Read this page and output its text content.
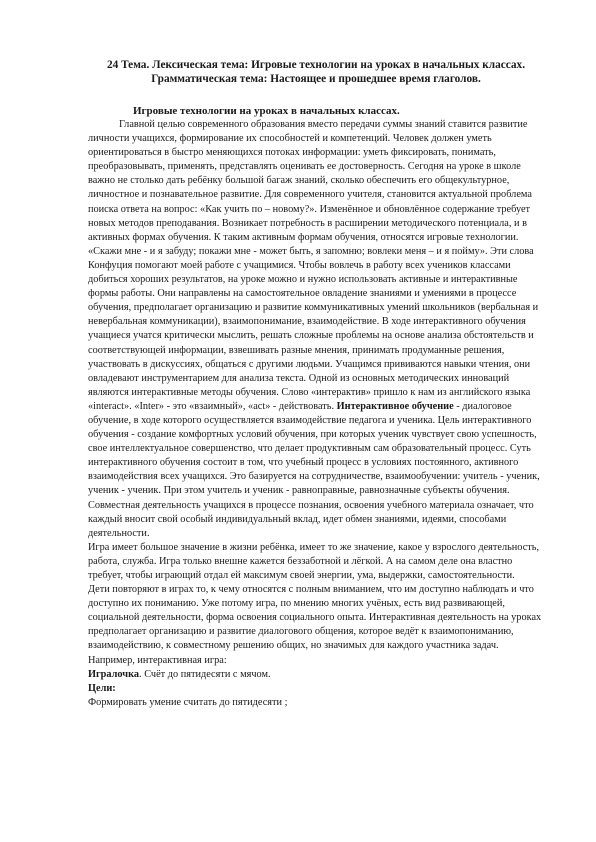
24 Тема. Лексическая тема: Игровые технологии на уроках в начальных классах.
Грамматическая тема: Настоящее и прошедшее время глаголов.
Игровые технологии на уроках в начальных классах.

Главной целью современного образования вместо передачи суммы знаний ставится развитие личности учащихся, формирование их способностей и компетенций. Человек должен уметь ориентироваться в быстро меняющихся потоках информации: уметь фиксировать, понимать, преобразовывать, применять, представлять оценивать ее достоверность. Сегодня на уроке в школе важно не столько дать ребёнку большой багаж знаний, сколько обеспечить его общекультурное, личностное и познавательное развитие. Для современного учителя, становится актуальной проблема поиска ответа на вопрос: «Как учить по – новому?». Изменённое и обновлённое содержание требует новых методов преподавания. Возникает потребность в расширении методического потенциала, и в активных формах обучения. К таким активным формам обучения, относятся игровые технологии.

«Скажи мне - и я забуду; покажи мне - может быть, я запомню; вовлеки меня – и я пойму». Эти слова Конфуция помогают моей работе с учащимися. Чтобы вовлечь в работу всех учеников классами добиться хороших результатов, на уроке можно и нужно использовать активные и интерактивные формы работы. Они направлены на самостоятельное овладение знаниями и умениями в процессе обучения, предполагает организацию и развитие коммуникативных умений школьников (вербальная и невербальная коммуникации), взаимопонимание, взаимодействие. В ходе интерактивного обучения учащиеся учатся критически мыслить, решать сложные проблемы на основе анализа обстоятельств и соответствующей информации, взвешивать разные мнения, принимать продуманные решения, участвовать в дискуссиях, общаться с другими людьми. Учащимся прививаются навыки чтения, они овладевают инструментарием для анализа текста. Одной из основных методических инноваций являются интерактивные методы обучения. Слово «интерактив» пришло к нам из английского языка «interact». «Inter» - это «взаимный», «act» - действовать. Интерактивное обучение - диалоговое обучение, в ходе которого осуществляется взаимодействие педагога и ученика. Цель интерактивного обучения - создание комфортных условий обучения, при которых ученик чувствует свою успешность, свое интеллектуальное совершенство, что делает продуктивным сам образовательный процесс. Суть интерактивного обучения состоит в том, что учебный процесс в условиях постоянного, активного взаимодействия всех учащихся. Это базируется на сотрудничестве, взаимообучении: учитель - ученик, ученик - ученик. При этом учитель и ученик - равноправные, равнозначные субъекты обучения. Совместная деятельность учащихся в процессе познания, освоения учебного материала означает, что каждый вносит свой особый индивидуальный вклад, идет обмен знаниями, идеями, способами деятельности.

Игра имеет большое значение в жизни ребёнка, имеет то же значение, какое у взрослого деятельность, работа, служба. Игра только внешне кажется беззаботной и лёгкой. А на самом деле она властно требует, чтобы играющий отдал ей максимум своей энергии, ума, выдержки, самостоятельности.

Дети повторяют в играх то, к чему относятся с полным вниманием, что им доступно наблюдать и что доступно их пониманию. Уже потому игра, по мнению многих учёных, есть вид развивающей, социальной деятельности, форма освоения социального опыта. Интерактивная деятельность на уроках предполагает организацию и развитие диалогового общения, которое ведёт к взаимопониманию, взаимодействию, к совместному решению общих, но значимых для каждого участника задач. Например, интерактивная игра:

Игралочка. Счёт до пятидесяти с мячом.

Цели:

Формировать умение считать до пятидесяти ;
